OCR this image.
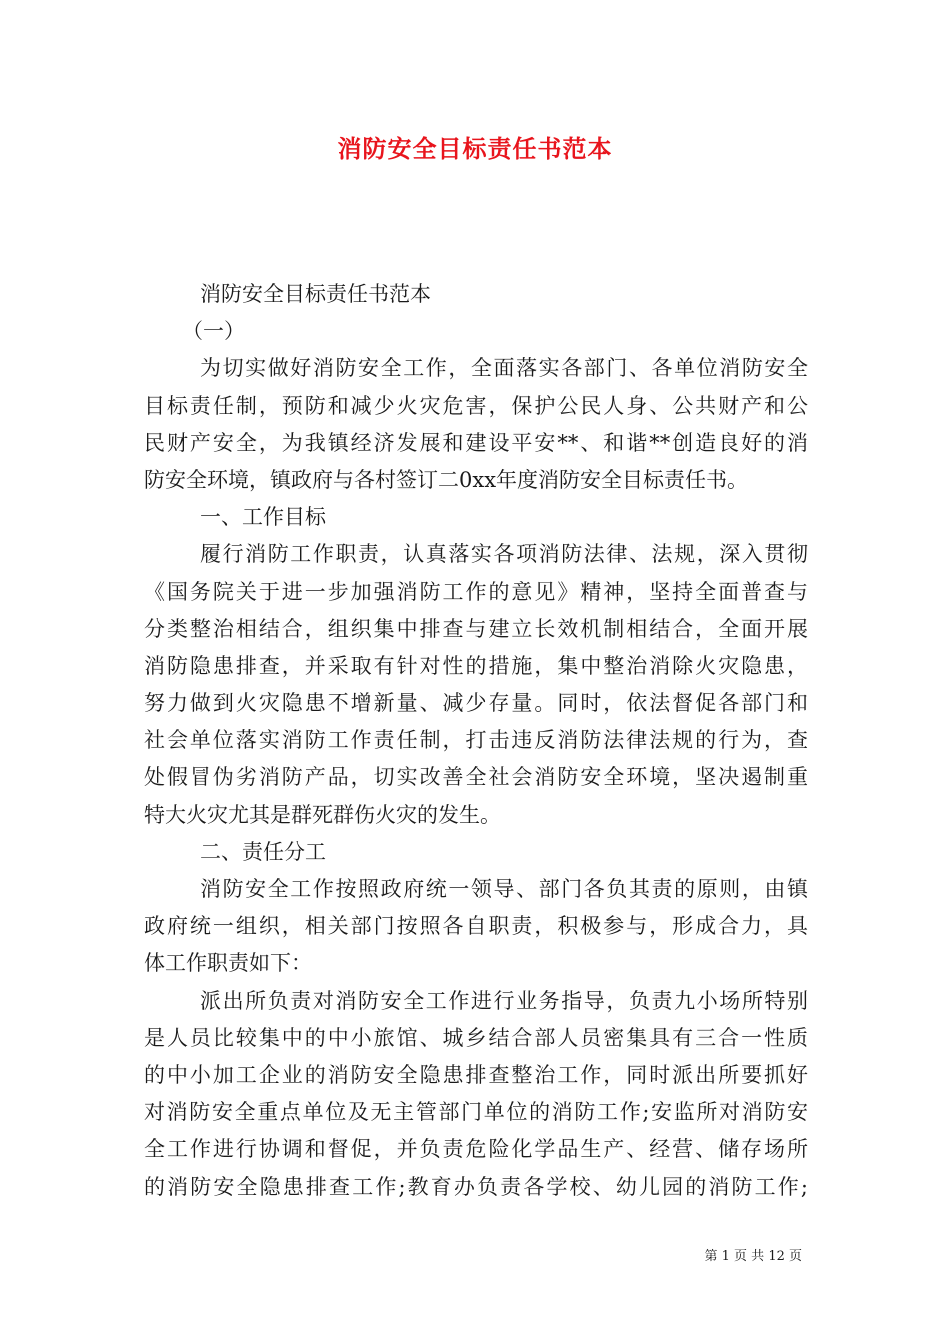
消防安全目标责任书范本
消防安全目标责任书范本
（一）
为切实做好消防安全工作，全面落实各部门、各单位消防安全
目标责任制，预防和减少火灾危害，保护公民人身、公共财产和公
民财产安全，为我镇经济发展和建设平安**、和谐**创造良好的消
防安全环境，镇政府与各村签订二0xx年度消防安全目标责任书。
一、工作目标
履行消防工作职责，认真落实各项消防法律、法规，深入贯彻
《国务院关于进一步加强消防工作的意见》精神，坚持全面普查与
分类整治相结合，组织集中排查与建立长效机制相结合，全面开展
消防隐患排查，并采取有针对性的措施，集中整治消除火灾隐患，
努力做到火灾隐患不增新量、减少存量。同时，依法督促各部门和
社会单位落实消防工作责任制，打击违反消防法律法规的行为，查
处假冒伪劣消防产品，切实改善全社会消防安全环境，坚决遏制重
特大火灾尤其是群死群伤火灾的发生。
二、责任分工
消防安全工作按照政府统一领导、部门各负其责的原则，由镇
政府统一组织，相关部门按照各自职责，积极参与，形成合力，具
体工作职责如下：
派出所负责对消防安全工作进行业务指导，负责九小场所特别
是人员比较集中的中小旅馆、城乡结合部人员密集具有三合一性质
的中小加工企业的消防安全隐患排查整治工作，同时派出所要抓好
对消防安全重点单位及无主管部门单位的消防工作;安监所对消防安
全工作进行协调和督促，并负责危险化学品生产、经营、储存场所
的消防安全隐患排查工作;教育办负责各学校、幼儿园的消防工作;
第 1 页 共 12 页
